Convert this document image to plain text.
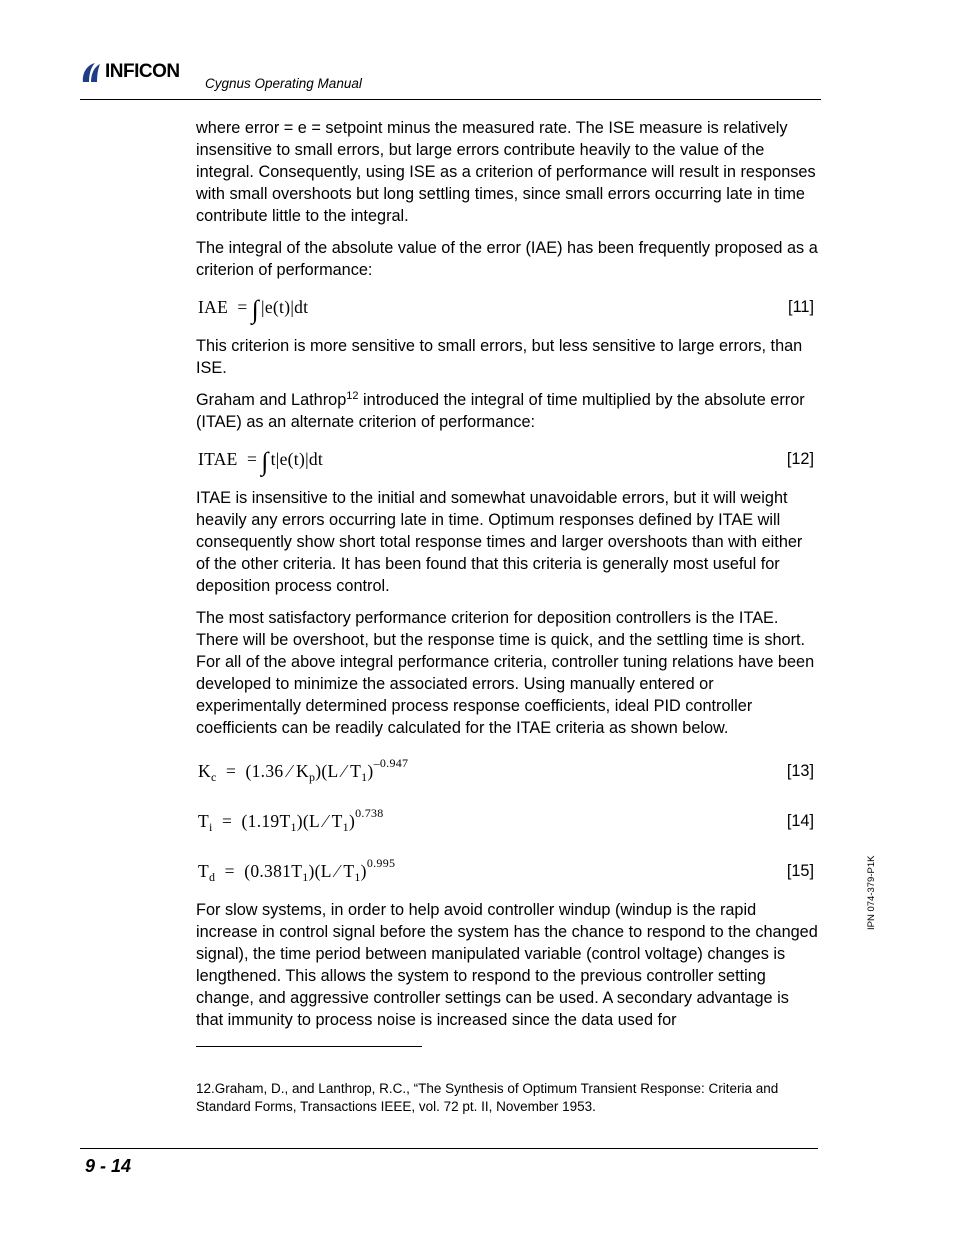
INFICON
Cygnus Operating Manual

where error = e = setpoint minus the measured rate. The ISE measure is relatively insensitive to small errors, but large errors contribute heavily to the value of the integral. Consequently, using ISE as a criterion of performance will result in responses with small overshoots but long settling times, since small errors occurring late in time contribute little to the integral.

The integral of the absolute value of the error (IAE) has been frequently proposed as a criterion of performance:

IAE = ∫ |e(t)|dt	[11]

This criterion is more sensitive to small errors, but less sensitive to large errors, than ISE.

Graham and Lathrop$^{12}$ introduced the integral of time multiplied by the absolute error (ITAE) as an alternate criterion of performance:

ITAE = ∫ t|e(t)|dt	[12]

ITAE is insensitive to the initial and somewhat unavoidable errors, but it will weight heavily any errors occurring late in time. Optimum responses defined by ITAE will consequently show short total response times and larger overshoots than with either of the other criteria. It has been found that this criteria is generally most useful for deposition process control.

The most satisfactory performance criterion for deposition controllers is the ITAE. There will be overshoot, but the response time is quick, and the settling time is short. For all of the above integral performance criteria, controller tuning relations have been developed to minimize the associated errors. Using manually entered or experimentally determined process response coefficients, ideal PID controller coefficients can be readily calculated for the ITAE criteria as shown below.

$K_c = (1.36$ ⁄ $K_p)(L$ ⁄ $T_1)^{-0.947}$	[13]
$T_i = (1.19T_1)(L$ ⁄ $T_1)^{0.738}$	[14]
$T_d = (0.381T_1)(L$ ⁄ $T_1)^{0.995}$	[15]

For slow systems, in order to help avoid controller windup (windup is the rapid increase in control signal before the system has the chance to respond to the changed signal), the time period between manipulated variable (control voltage) changes is lengthened. This allows the system to respond to the previous controller setting change, and aggressive controller settings can be used. A secondary advantage is that immunity to process noise is increased since the data used for

12.Graham, D., and Lanthrop, R.C., “The Synthesis of Optimum Transient Response: Criteria and Standard Forms, Transactions IEEE, vol. 72 pt. II, November 1953.
IPN 074-379-P1K
9 - 14
